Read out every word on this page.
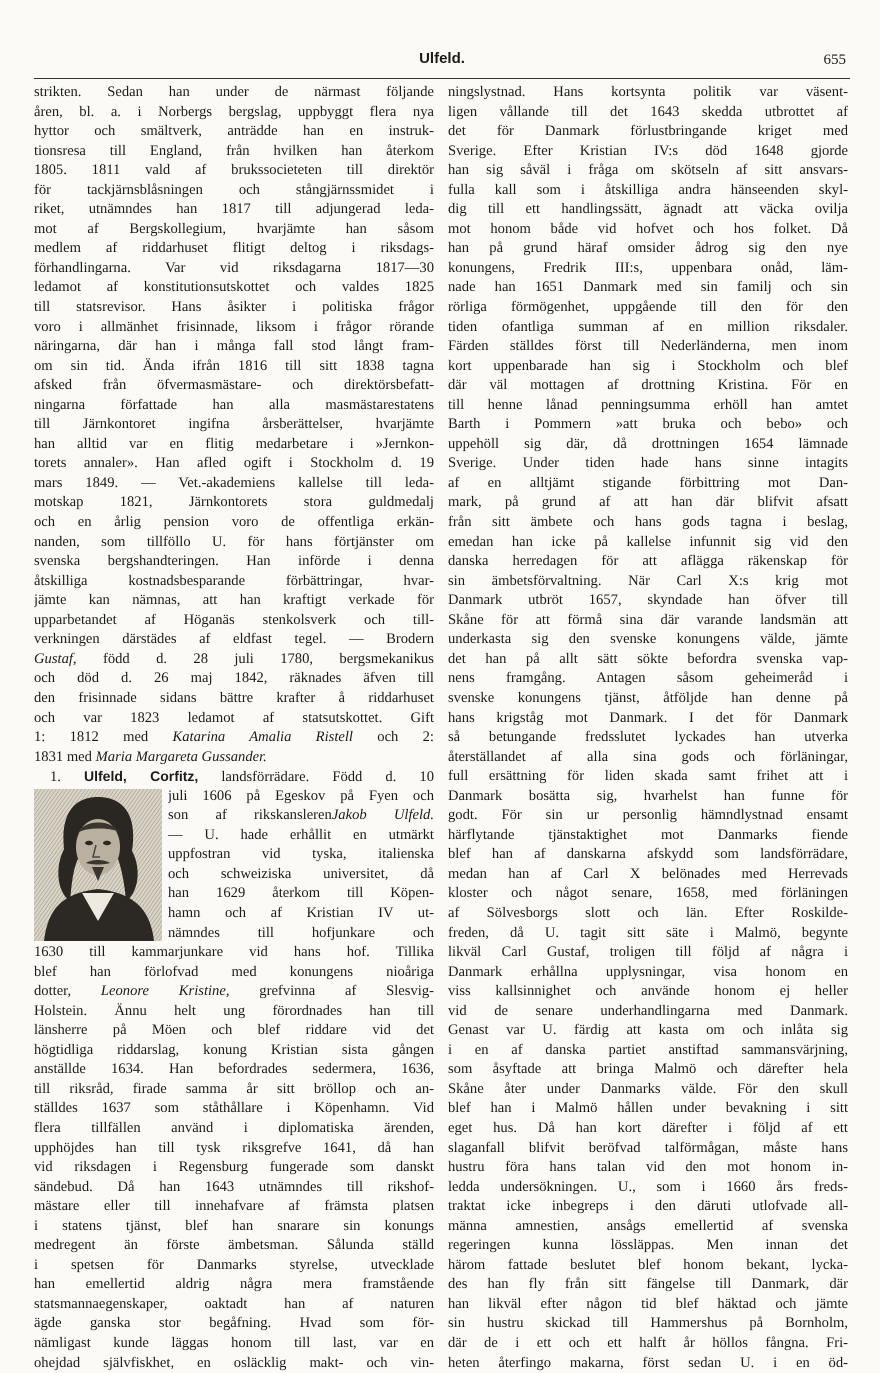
Ulfeld.	655
strikten. Sedan han under de närmast följande
åren, bl. a. i Norbergs bergslag, uppbyggt flera nya
hyttor och smältverk, anträdde han en instruk-
tionsresa till England, från hvilken han återkom
1805. 1811 vald af brukssocieteten till direktör
för tackjärnsblåsningen och stångjärnssmidet i
riket, utnämndes han 1817 till adjungerad leda-
mot af Bergskollegium, hvarjämte han såsom
medlem af riddarhuset flitigt deltog i riksdags-
förhandlingarna. Var vid riksdagarna 1817—30
ledamot af konstitutionsutskottet och valdes 1825
till statsrevisor. Hans åsikter i politiska frågor
voro i allmänhet frisinnade, liksom i frågor rörande
näringarna, där han i många fall stod långt fram-
om sin tid. Ända ifrån 1816 till sitt 1838 tagna
afsked från öfvermasmästare- och direktörsbefatt-
ningarna författade han alla masmästarestatens
till Järnkontoret ingifna årsberättelser, hvarjämte
han alltid var en flitig medarbetare i »Jernkon-
torets annaler». Han afled ogift i Stockholm d. 19
mars 1849. — Vet.-akademiens kallelse till leda-
motskap 1821, Järnkontorets stora guldmedalj
och en årlig pension voro de offentliga erkän-
nanden, som tillföllo U. för hans förtjänster om
svenska bergshandteringen. Han införde i denna
åtskilliga kostnadsbesparande förbättringar, hvar-
jämte kan nämnas, att han kraftigt verkade för
upparbetandet af Höganäs stenkolsverk och till-
verkningen därstädes af eldfast tegel. — Brodern
Gustaf, född d. 28 juli 1780, bergsmekanikus
och död d. 26 maj 1842, räknades äfven till
den frisinnade sidans bättre krafter å riddarhuset
och var 1823 ledamot af statsutskottet. Gift
1: 1812 med Katarina Amalia Ristell och 2:
1831 med Maria Margareta Gussander.
1. Ulfeld, Corfitz, landsförrädare. Född d. 10
juli 1606 på Egeskov på Fyen och
son af rikskanslerenJakob Ulfeld.
— U. hade erhållit en utmärkt
uppfostran vid tyska, italienska
och schweiziska universitet, då
han 1629 återkom till Köpen-
hamn och af Kristian IV ut-
nämndes till hofjunkare och
1630 till kammarjunkare vid hans hof. Tillika
blef han förlofvad med konungens nioåriga
dotter, Leonore Kristine, grefvinna af Slesvig-
Holstein. Ännu helt ung förordnades han till
länsherre på Möen och blef riddare vid det
högtidliga riddarslag, konung Kristian sista gången
anställde 1634. Han befordrades sedermera, 1636,
till riksråd, firade samma år sitt bröllop och an-
ställdes 1637 som ståthållare i Köpenhamn. Vid
flera tillfällen använd i diplomatiska ärenden,
upphöjdes han till tysk riksgrefve 1641, då han
vid riksdagen i Regensburg fungerade som danskt
sändebud. Då han 1643 utnämndes till rikshof-
mästare eller till innehafvare af främsta platsen
i statens tjänst, blef han snarare sin konungs
medregent än förste ämbetsman. Sålunda ställd
i spetsen för Danmarks styrelse, utvecklade
han emellertid aldrig några mera framstående
statsmannaegenskaper, oaktadt han af naturen
ägde ganska stor begåfning. Hvad som för-
nämligast kunde läggas honom till last, var en
ohejdad självfiskhet, en osläcklig makt- och vin-
ningslystnad. Hans kortsynta politik var väsent-
ligen vållande till det 1643 skedda utbrottet af
det för Danmark förlustbringande kriget med
Sverige. Efter Kristian IV:s död 1648 gjorde
han sig såväl i fråga om skötseln af sitt ansvars-
fulla kall som i åtskilliga andra hänseenden skyl-
dig till ett handlingssätt, ägnadt att väcka ovilja
mot honom både vid hofvet och hos folket. Då
han på grund häraf omsider ådrog sig den nye
konungens, Fredrik III:s, uppenbara onåd, läm-
nade han 1651 Danmark med sin familj och sin
rörliga förmögenhet, uppgående till den för den
tiden ofantliga summan af en million riksdaler.
Färden ställdes först till Nederländerna, men inom
kort uppenbarade han sig i Stockholm och blef
där väl mottagen af drottning Kristina. För en
till henne lånad penningsumma erhöll han amtet
Barth i Pommern »att bruka och bebo» och
uppehöll sig där, då drottningen 1654 lämnade
Sverige. Under tiden hade hans sinne intagits
af en alltjämt stigande förbittring mot Dan-
mark, på grund af att han där blifvit afsatt
från sitt ämbete och hans gods tagna i beslag,
emedan han icke på kallelse infunnit sig vid den
danska herredagen för att aflägga räkenskap för
sin ämbetsförvaltning. När Carl X:s krig mot
Danmark utbröt 1657, skyndade han öfver till
Skåne för att förmå sina där varande landsmän att
underkasta sig den svenske konungens välde, jämte
det han på allt sätt sökte befordra svenska vap-
nens framgång. Antagen såsom geheimeråd i
svenske konungens tjänst, åtföljde han denne på
hans krigståg mot Danmark. I det för Danmark
så betungande fredsslutet lyckades han utverka
återställandet af alla sina gods och förläningar,
full ersättning för liden skada samt frihet att i
Danmark bosätta sig, hvarhelst han funne för
godt. För sin ur personlig hämndlystnad ensamt
härflytande tjänstaktighet mot Danmarks fiende
blef han af danskarna afskydd som landsförrädare,
medan han af Carl X belönades med Herrevads
kloster och något senare, 1658, med förläningen
af Sölvesborgs slott och län. Efter Roskilde-
freden, då U. tagit sitt säte i Malmö, begynte
likväl Carl Gustaf, troligen till följd af några i
Danmark erhållna upplysningar, visa honom en
viss kallsinnighet och använde honom ej heller
vid de senare underhandlingarna med Danmark.
Genast var U. färdig att kasta om och inlåta sig
i en af danska partiet anstiftad sammansvärjning,
som åsyftade att bringa Malmö och därefter hela
Skåne åter under Danmarks välde. För den skull
blef han i Malmö hållen under bevakning i sitt
eget hus. Då han kort därefter i följd af ett
slaganfall blifvit beröfvad talförmågan, måste hans
hustru föra hans talan vid den mot honom in-
ledda undersökningen. U., som i 1660 års freds-
traktat icke inbegreps i den däruti utlofvade all-
männa amnestien, ansågs emellertid af svenska
regeringen kunna lössläppas. Men innan det
härom fattade beslutet blef honom bekant, lycka-
des han fly från sitt fängelse till Danmark, där
han likväl efter någon tid blef häktad och jämte
sin hustru skickad till Hammershus på Bornholm,
där de i ett och ett halft år höllos fångna. Fri-
heten återfingo makarna, först sedan U. i en öd-
